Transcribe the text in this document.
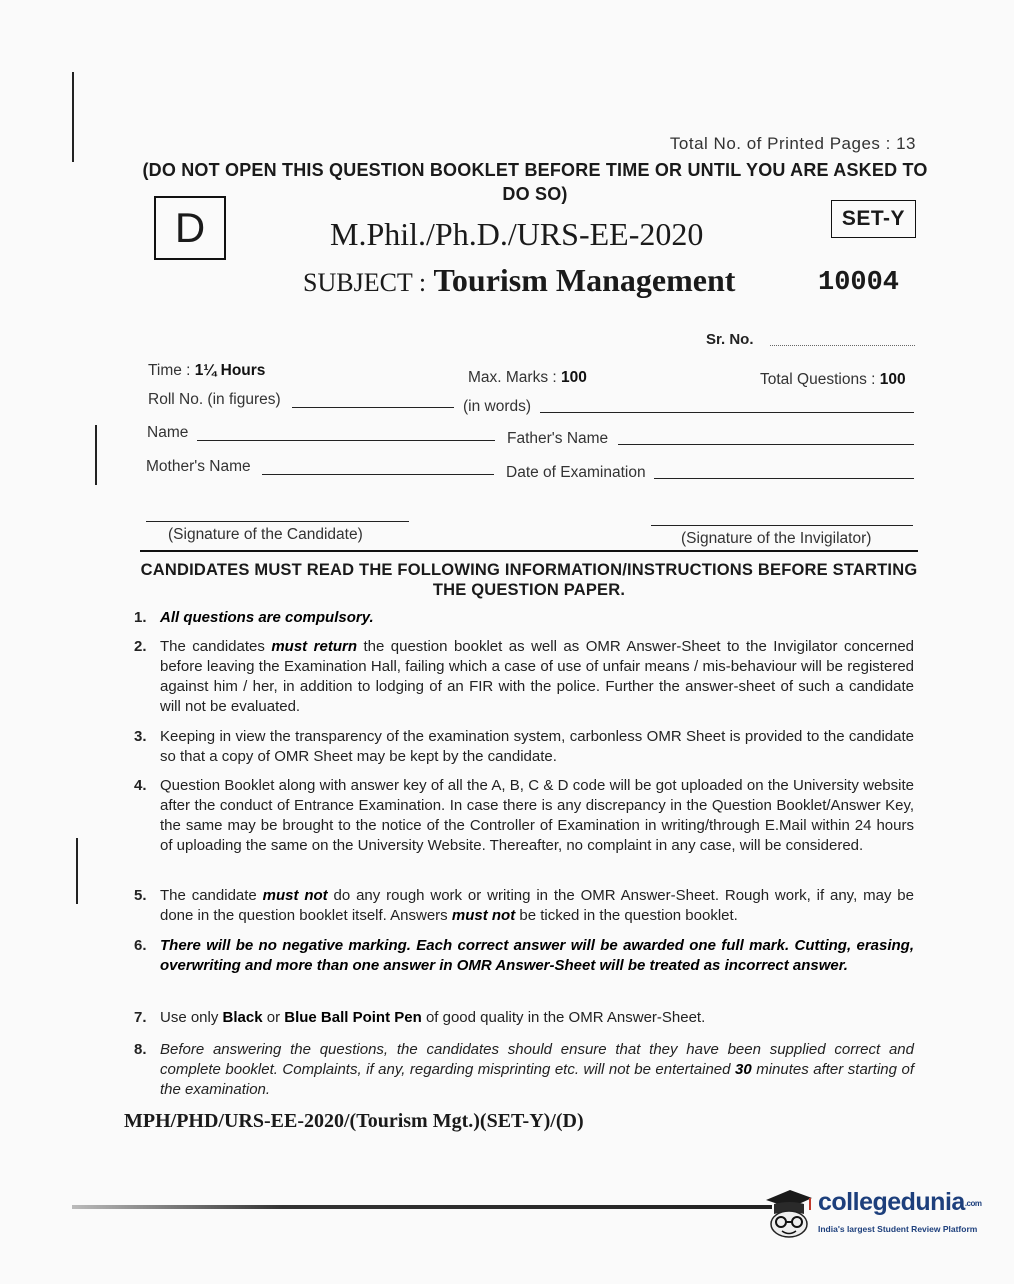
Total No. of Printed Pages : 13
(DO NOT OPEN THIS QUESTION BOOKLET BEFORE TIME OR UNTIL YOU ARE ASKED TO DO SO)
D	SET-Y
M.Phil./Ph.D./URS-EE-2020
SUBJECT : Tourism Management	10004
Sr. No.
Time : 1¼ Hours	Max. Marks : 100	Total Questions : 100
Roll No. (in figures)	(in words)
Name	Father's Name
Mother's Name	Date of Examination
(Signature of the Candidate)	(Signature of the Invigilator)
CANDIDATES MUST READ THE FOLLOWING INFORMATION/INSTRUCTIONS BEFORE STARTING THE QUESTION PAPER.
1. All questions are compulsory.
2. The candidates must return the question booklet as well as OMR Answer-Sheet to the Invigilator concerned before leaving the Examination Hall, failing which a case of use of unfair means / mis-behaviour will be registered against him / her, in addition to lodging of an FIR with the police. Further the answer-sheet of such a candidate will not be evaluated.
3. Keeping in view the transparency of the examination system, carbonless OMR Sheet is provided to the candidate so that a copy of OMR Sheet may be kept by the candidate.
4. Question Booklet along with answer key of all the A, B, C & D code will be got uploaded on the University website after the conduct of Entrance Examination. In case there is any discrepancy in the Question Booklet/Answer Key, the same may be brought to the notice of the Controller of Examination in writing/through E.Mail within 24 hours of uploading the same on the University Website. Thereafter, no complaint in any case, will be considered.
5. The candidate must not do any rough work or writing in the OMR Answer-Sheet. Rough work, if any, may be done in the question booklet itself. Answers must not be ticked in the question booklet.
6. There will be no negative marking. Each correct answer will be awarded one full mark. Cutting, erasing, overwriting and more than one answer in OMR Answer-Sheet will be treated as incorrect answer.
7. Use only Black or Blue Ball Point Pen of good quality in the OMR Answer-Sheet.
8. Before answering the questions, the candidates should ensure that they have been supplied correct and complete booklet. Complaints, if any, regarding misprinting etc. will not be entertained 30 minutes after starting of the examination.
MPH/PHD/URS-EE-2020/(Tourism Mgt.)(SET-Y)/(D)
collegedunia.com
India's largest Student Review Platform
